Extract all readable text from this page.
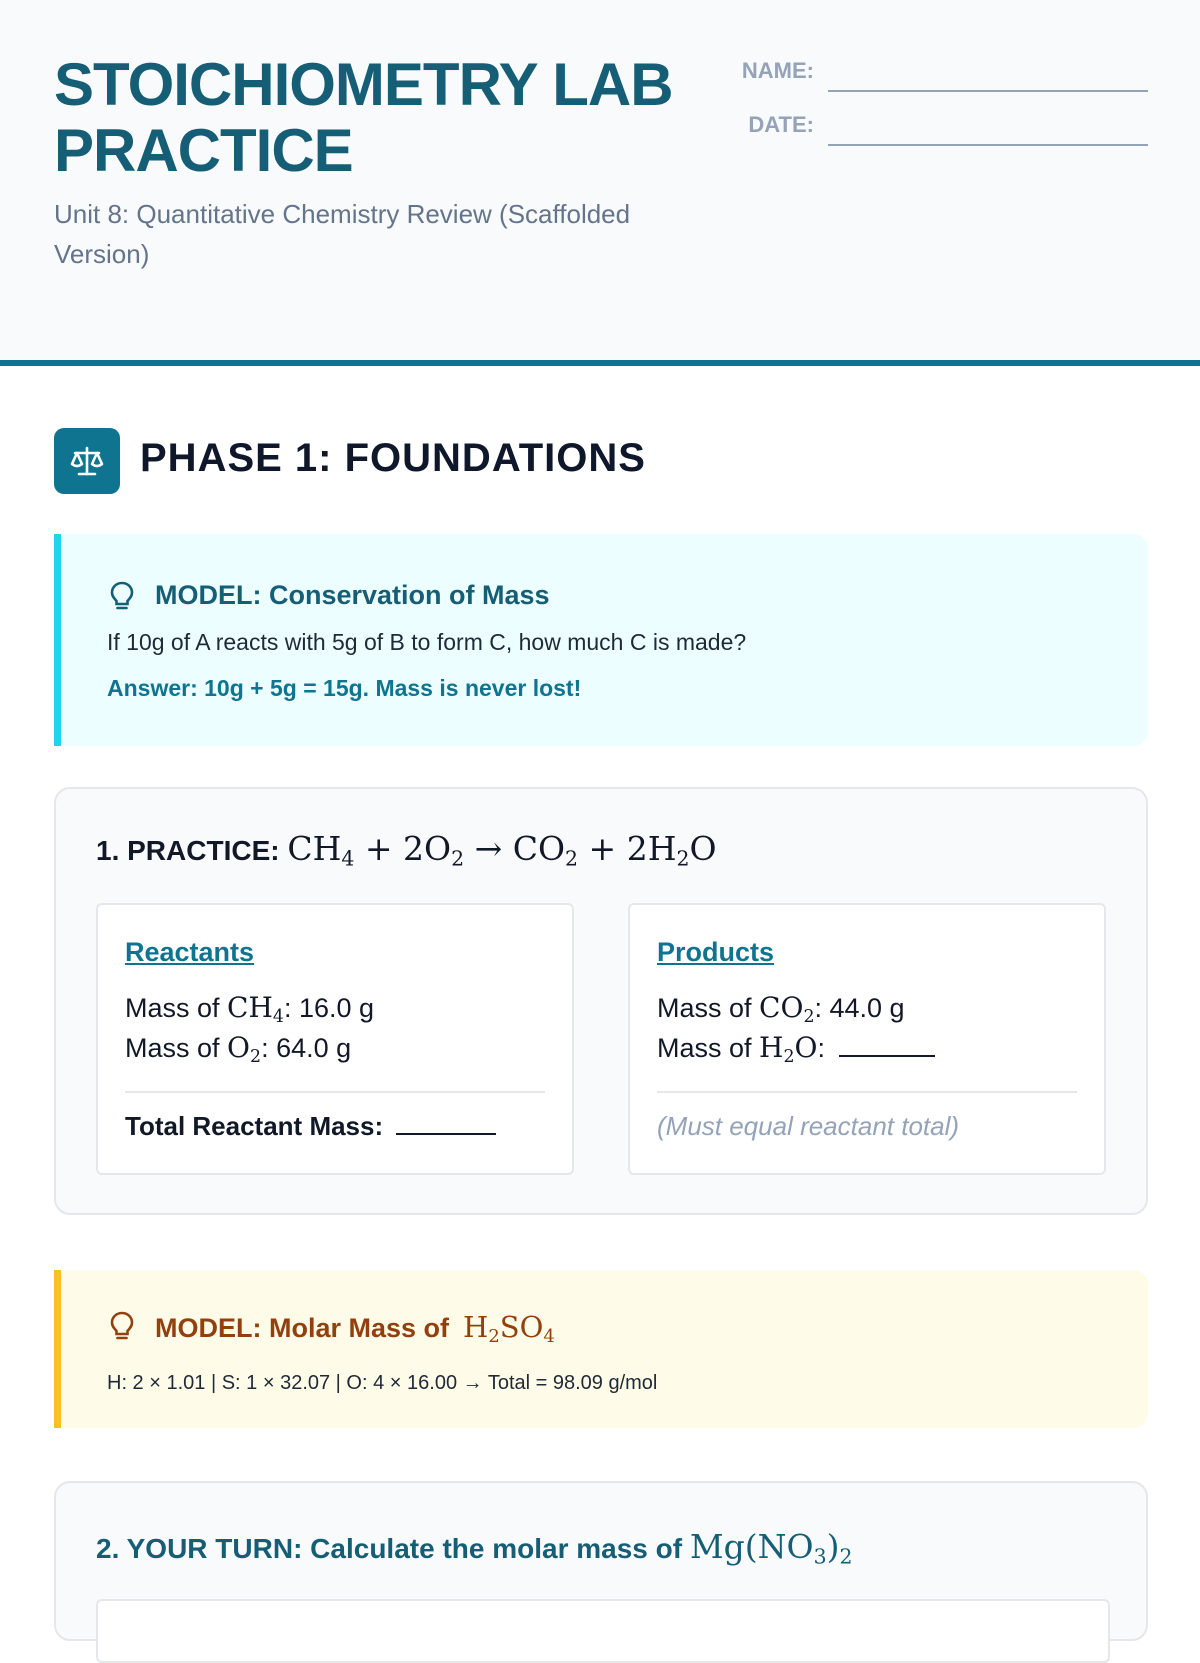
STOICHIOMETRY LAB PRACTICE
Unit 8: Quantitative Chemistry Review (Scaffolded Version)
NAME:
DATE:
PHASE 1: FOUNDATIONS
MODEL: Conservation of Mass
If 10g of A reacts with 5g of B to form C, how much C is made?
Answer: 10g + 5g = 15g. Mass is never lost!
1. PRACTICE: $CH_4 + 2O_2 \to CO_2 + 2H_2O$
Reactants
Mass of $CH_4$: 16.0 g
Mass of $O_2$: 64.0 g
Total Reactant Mass:
Products
Mass of $CO_2$: 44.0 g
Mass of $H_2O$:
(Must equal reactant total)
MODEL: Molar Mass of $H_2SO_4$
H: 2 × 1.01 | S: 1 × 32.07 | O: 4 × 16.00 → Total = 98.09 g/mol
2. YOUR TURN: Calculate the molar mass of $Mg(NO_3)_2$
